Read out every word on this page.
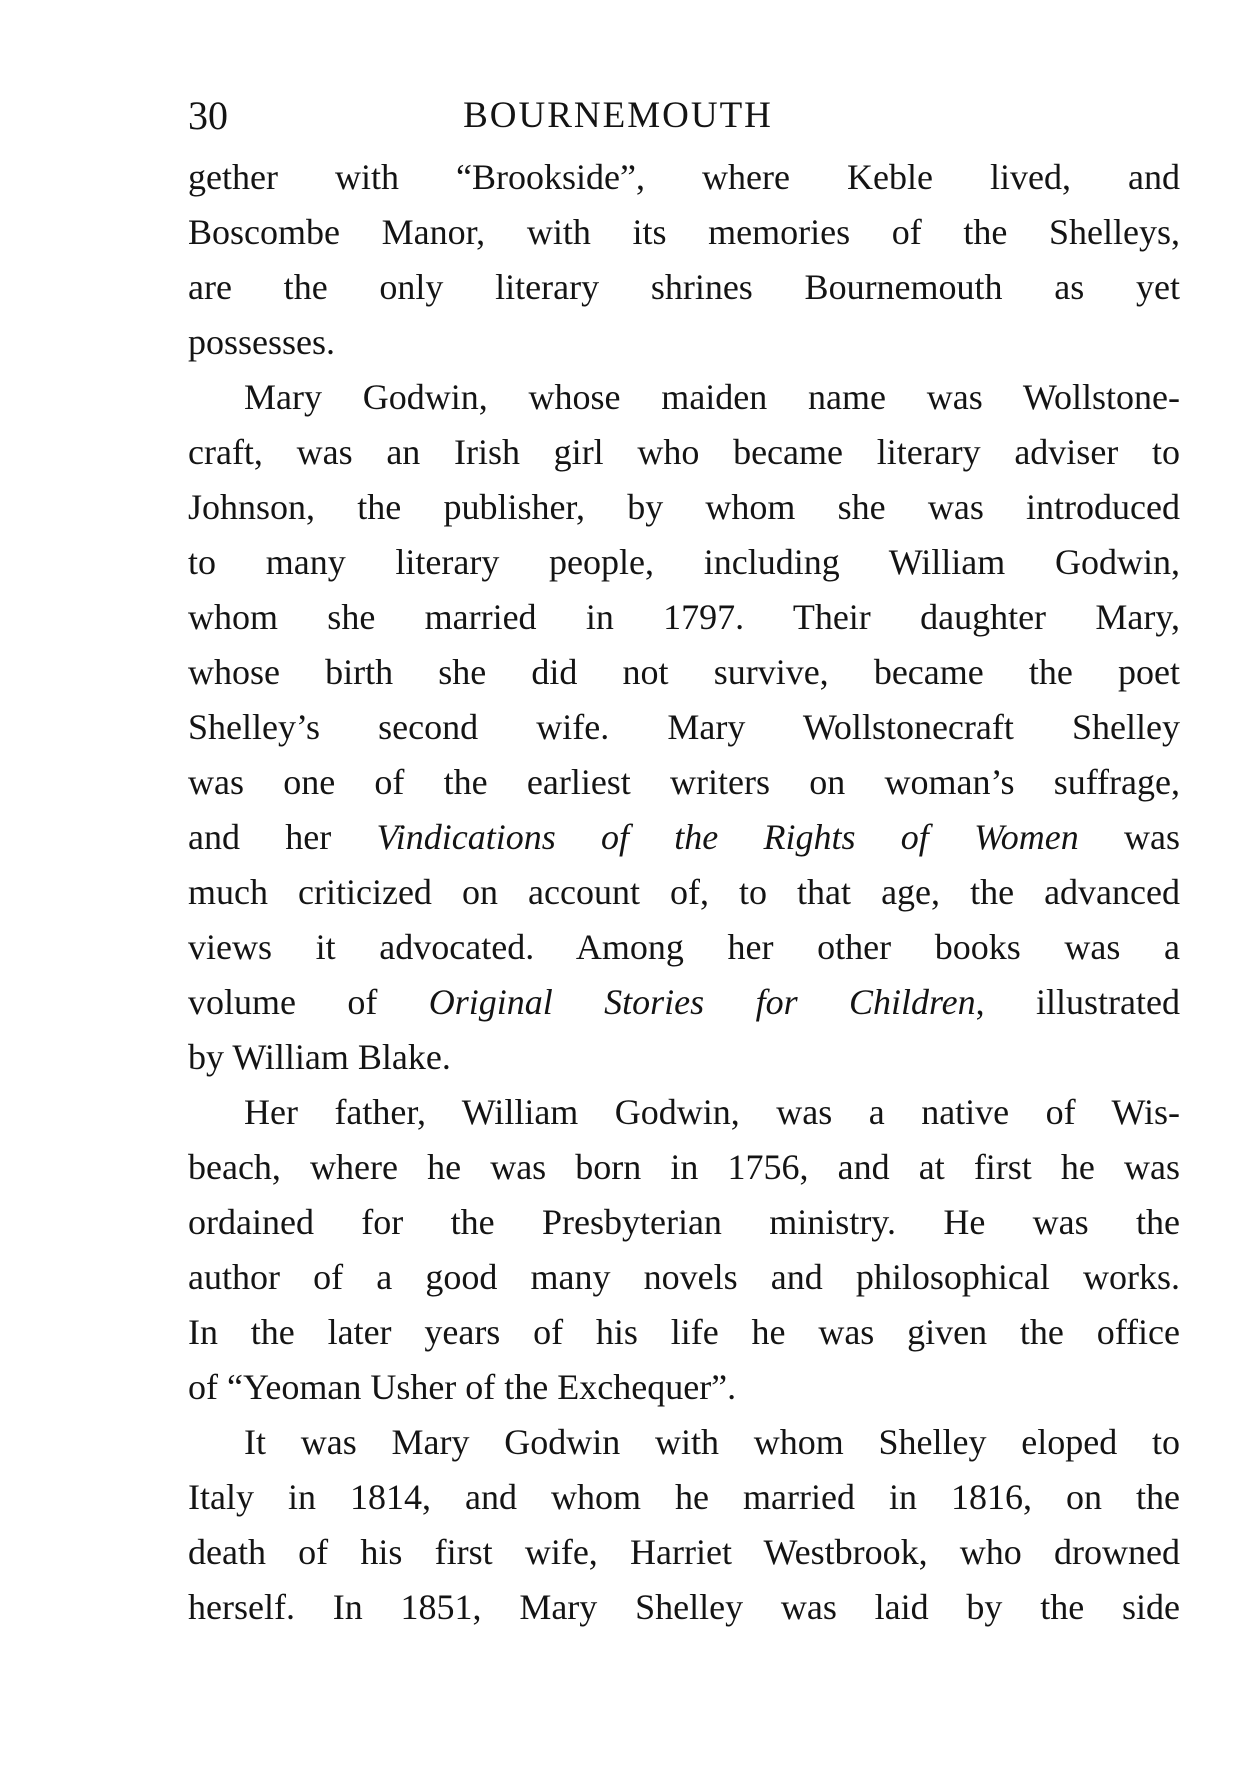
30	BOURNEMOUTH

gether with “Brookside”, where Keble lived, and
Boscombe Manor, with its memories of the Shelleys,
are the only literary shrines Bournemouth as yet
possesses.

Mary Godwin, whose maiden name was Wollstone-
craft, was an Irish girl who became literary adviser to
Johnson, the publisher, by whom she was introduced
to many literary people, including William Godwin,
whom she married in 1797. Their daughter Mary,
whose birth she did not survive, became the poet
Shelley’s second wife. Mary Wollstonecraft Shelley
was one of the earliest writers on woman’s suffrage,
and her Vindications of the Rights of Women was
much criticized on account of, to that age, the advanced
views it advocated. Among her other books was a
volume of Original Stories for Children, illustrated
by William Blake.

Her father, William Godwin, was a native of Wis-
beach, where he was born in 1756, and at first he was
ordained for the Presbyterian ministry. He was the
author of a good many novels and philosophical works.
In the later years of his life he was given the office
of “Yeoman Usher of the Exchequer”.

It was Mary Godwin with whom Shelley eloped to
Italy in 1814, and whom he married in 1816, on the
death of his first wife, Harriet Westbrook, who drowned
herself. In 1851, Mary Shelley was laid by the side
